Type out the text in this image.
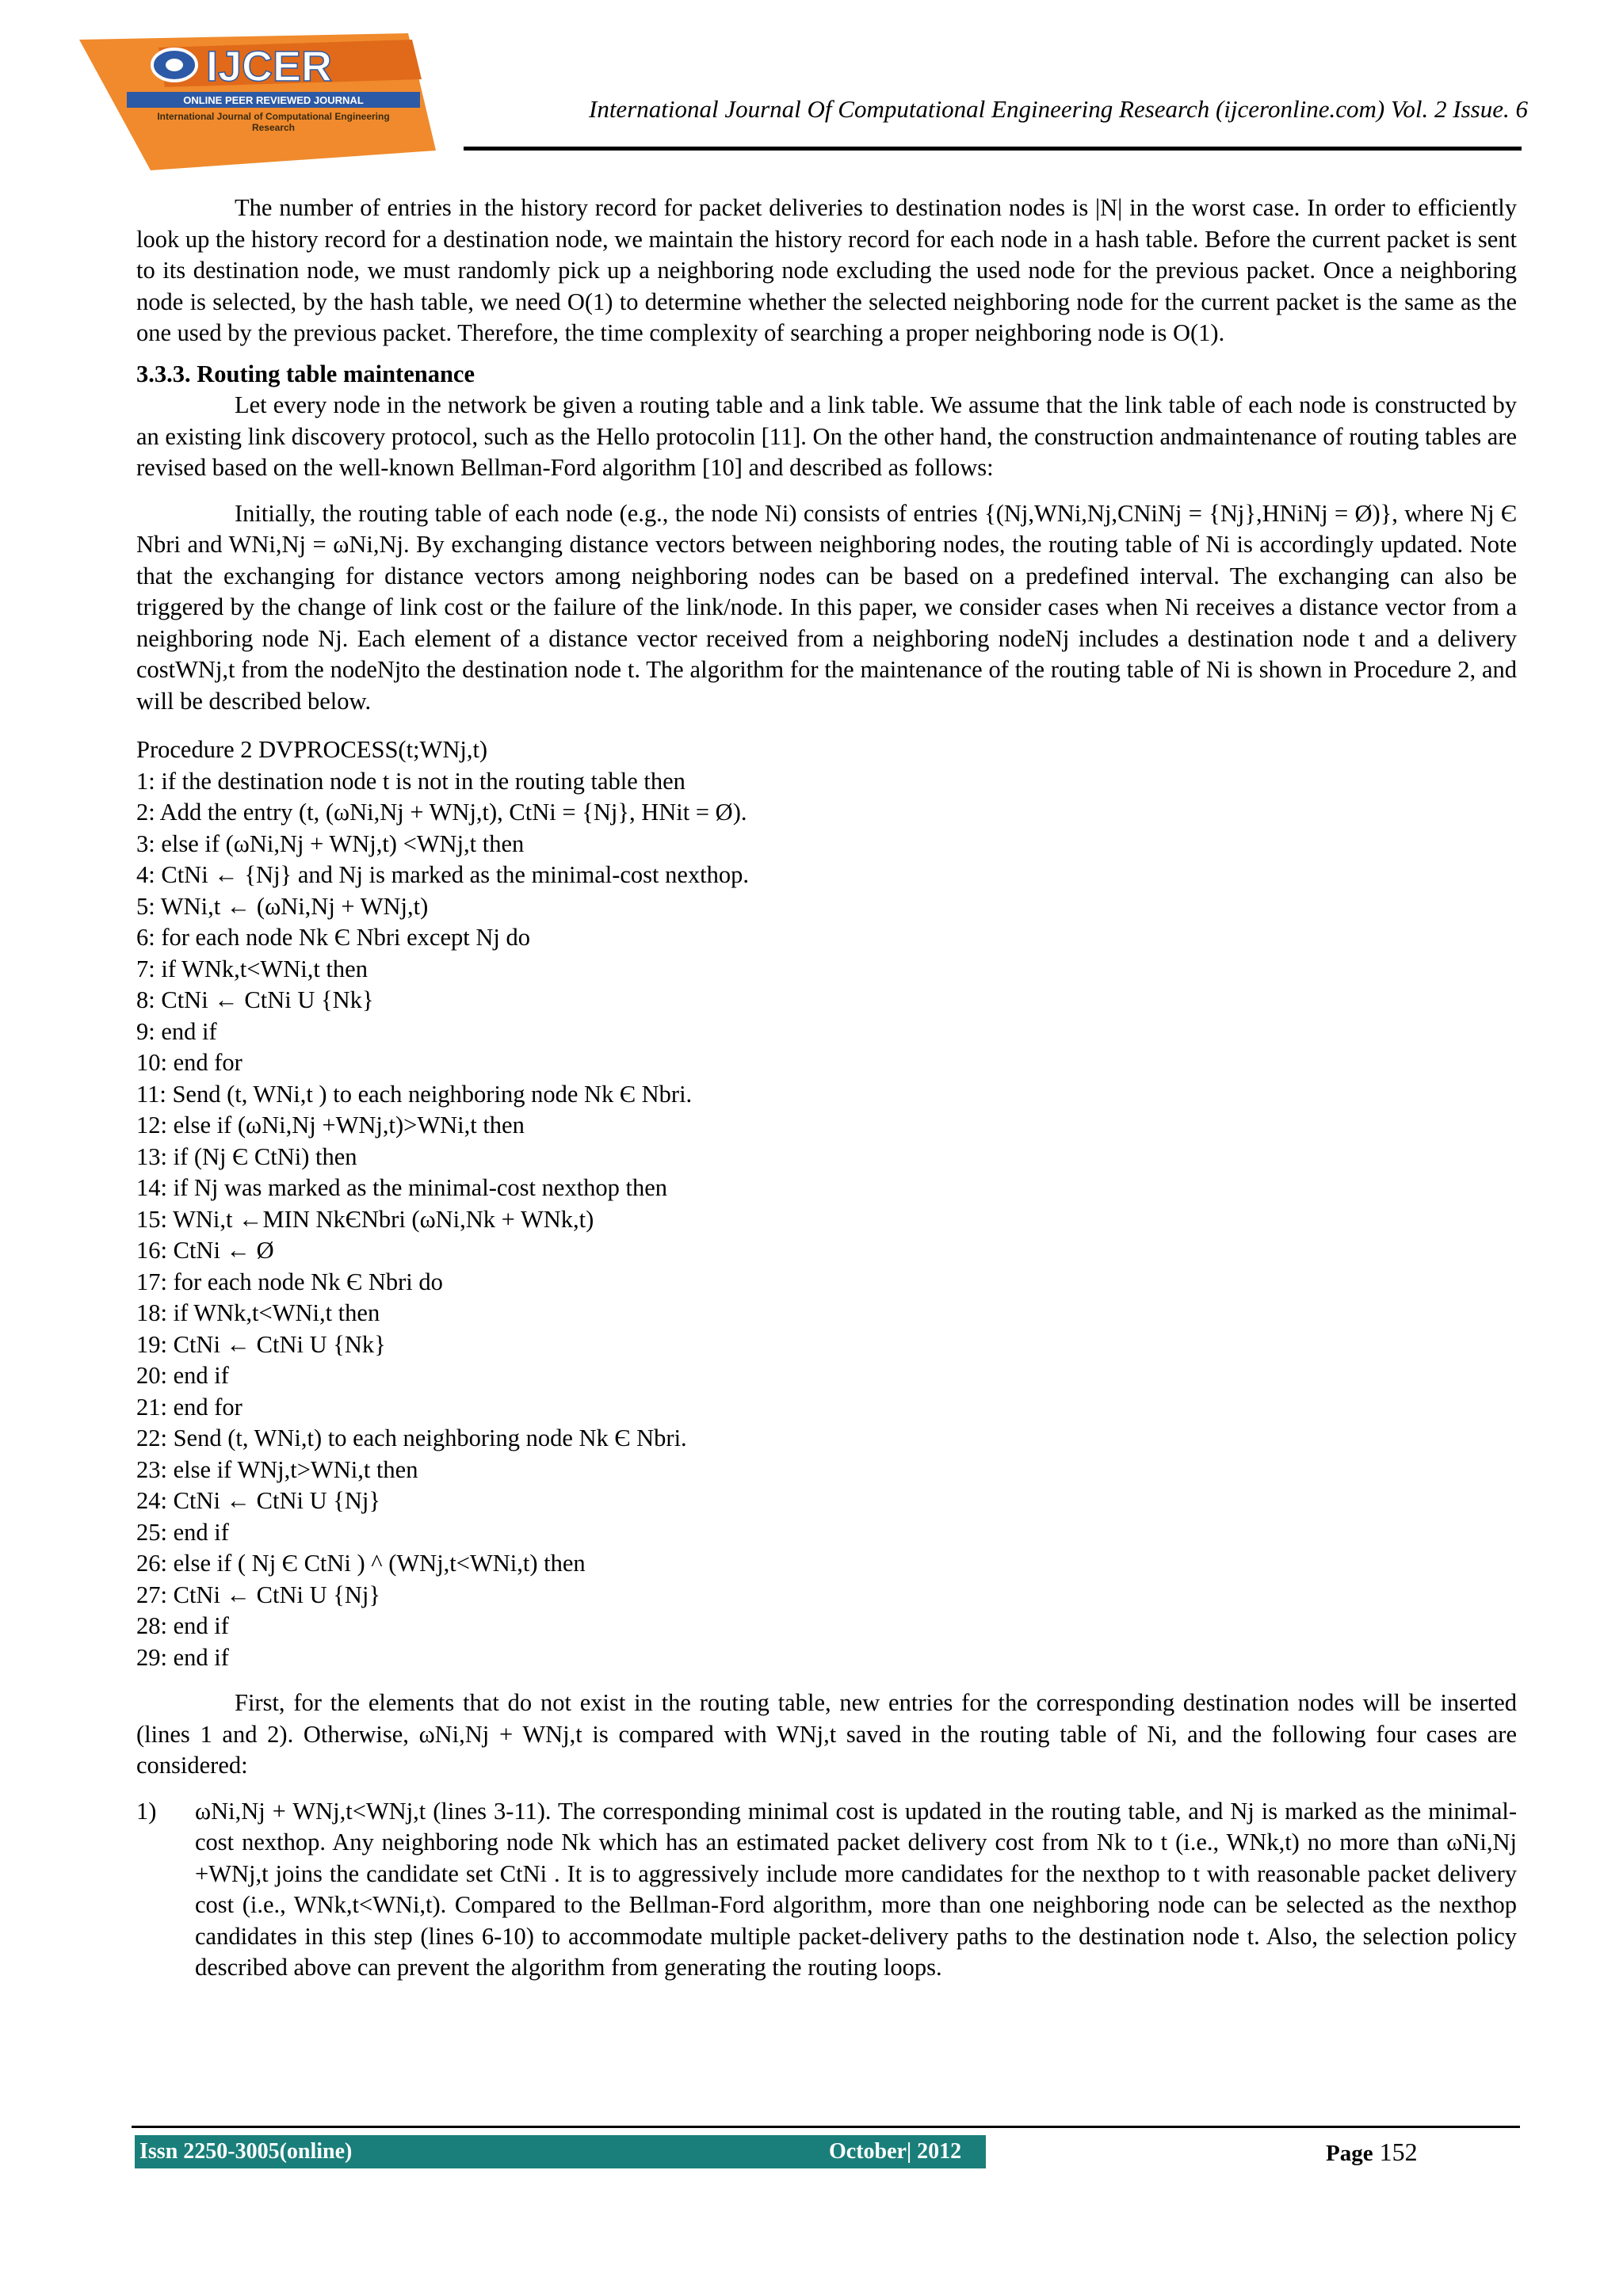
IJCER
ONLINE PEER REVIEWED JOURNAL
International Journal of Computational Engineering Research
International Journal Of Computational Engineering Research (ijceronline.com) Vol. 2 Issue. 6

The number of entries in the history record for packet deliveries to destination nodes is |N| in the worst case. In order to efficiently look up the history record for a destination node, we maintain the history record for each node in a hash table. Before the current packet is sent to its destination node, we must randomly pick up a neighboring node excluding the used node for the previous packet. Once a neighboring node is selected, by the hash table, we need O(1) to determine whether the selected neighboring node for the current packet is the same as the one used by the previous packet. Therefore, the time complexity of searching a proper neighboring node is O(1).

3.3.3. Routing table maintenance

Let every node in the network be given a routing table and a link table. We assume that the link table of each node is constructed by an existing link discovery protocol, such as the Hello protocolin [11]. On the other hand, the construction andmaintenance of routing tables are revised based on the well-known Bellman-Ford algorithm [10] and described as follows:

Initially, the routing table of each node (e.g., the node Ni) consists of entries {(Nj,WNi,Nj,CNiNj = {Nj},HNiNj = Ø)}, where Nj Є Nbri and WNi,Nj = ωNi,Nj. By exchanging distance vectors between neighboring nodes, the routing table of Ni is accordingly updated. Note that the exchanging for distance vectors among neighboring nodes can be based on a predefined interval. The exchanging can also be triggered by the change of link cost or the failure of the link/node. In this paper, we consider cases when Ni receives a distance vector from a neighboring node Nj. Each element of a distance vector received from a neighboring nodeNj includes a destination node t and a delivery costWNj,t from the nodeNjto the destination node t. The algorithm for the maintenance of the routing table of Ni is shown in Procedure 2, and will be described below.

Procedure 2 DVPROCESS(t;WNj,t)
1: if the destination node t is not in the routing table then
2: Add the entry (t, (ωNi,Nj + WNj,t), CtNi = {Nj}, HNit = Ø).
3: else if (ωNi,Nj + WNj,t) <WNj,t then
4: CtNi ← {Nj} and Nj is marked as the minimal-cost nexthop.
5: WNi,t ← (ωNi,Nj + WNj,t)
6: for each node Nk Є Nbri except Nj do
7: if WNk,t<WNi,t then
8: CtNi ← CtNi U {Nk}
9: end if
10: end for
11: Send (t, WNi,t ) to each neighboring node Nk Є Nbri.
12: else if (ωNi,Nj +WNj,t)>WNi,t then
13: if (Nj Є CtNi) then
14: if Nj was marked as the minimal-cost nexthop then
15: WNi,t ←MIN NkЄNbri (ωNi,Nk + WNk,t)
16: CtNi ← Ø
17: for each node Nk Є Nbri do
18: if WNk,t<WNi,t then
19: CtNi ← CtNi U {Nk}
20: end if
21: end for
22: Send (t, WNi,t) to each neighboring node Nk Є Nbri.
23: else if WNj,t>WNi,t then
24: CtNi ← CtNi U {Nj}
25: end if
26: else if ( Nj Є CtNi ) ^ (WNj,t<WNi,t) then
27: CtNi ← CtNi U {Nj}
28: end if
29: end if

First, for the elements that do not exist in the routing table, new entries for the corresponding destination nodes will be inserted (lines 1 and 2). Otherwise, ωNi,Nj + WNj,t is compared with WNj,t saved in the routing table of Ni, and the following four cases are considered:

1)	ωNi,Nj + WNj,t<WNj,t (lines 3-11). The corresponding minimal cost is updated in the routing table, and Nj is marked as the minimal-cost nexthop. Any neighboring node Nk which has an estimated packet delivery cost from Nk to t (i.e., WNk,t) no more than ωNi,Nj +WNj,t joins the candidate set CtNi . It is to aggressively include more candidates for the nexthop to t with reasonable packet delivery cost (i.e., WNk,t<WNi,t). Compared to the Bellman-Ford algorithm, more than one neighboring node can be selected as the nexthop candidates in this step (lines 6-10) to accommodate multiple packet-delivery paths to the destination node t. Also, the selection policy described above can prevent the algorithm from generating the routing loops.
Issn 2250-3005(online)	October| 2012	Page 152
